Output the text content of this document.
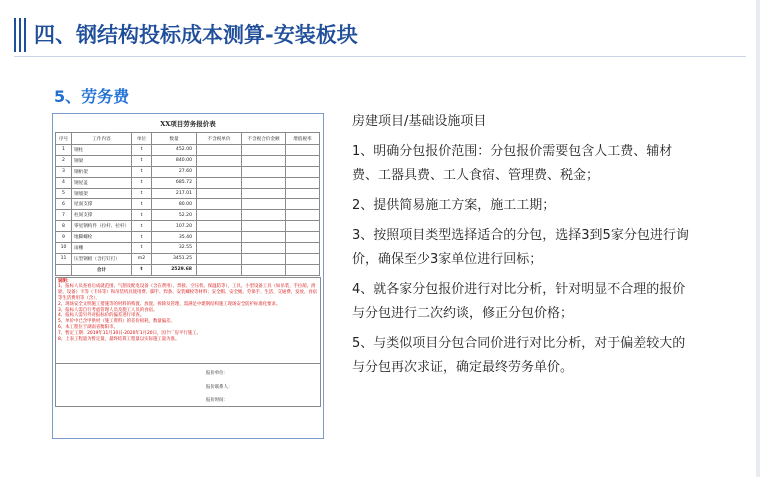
四、钢结构投标成本测算-安装板块
5、劳务费
XX项目劳务报价表
序号	工作内容	单位	数量	不含税单价	不含税合价金额	增值税率
1	钢柱	t	452.00			
2	钢梁	t	840.00			
3	钢桁架	t	27.60			
4	钢屋盖	t	685.72			
5	钢墙架	t	217.01			
6	屋面支撑	t	80.00			
7	柱间支撑	t	52.20			
8	零星钢构件（拉杆、拉杆）	t	107.20			
9	地脚螺栓	t	35.40			
10	雨棚	t	32.55			
11	压型钢板（含打钉打）	m2	3451.25			
	合计	t	2529.68			
说明：
1、报标人员查看后成就范围、气割及配电设备（含在费用）、焊接、空压机、保温防等），工具，小型设备工具（如吊装、手拉葫、滑轮、设备）卡等（卡环等）和吊装机具使用费、脚手、焊条、安装螺栓等材料；安全帽、安全绳、劳保手、生活、交通费、发放、食宿等生活费用等（含），
2、现场安全文明施工措施等的材料的购置、放置、拆除及管理，需满足中建钢结构施工现场安全防护标准化要求。
3、报标人需自行考虑管理人员及施工人员的食宿。
4、报标人需另外对报标价的偏差进行审查。
5、单价中已含甲供材（施工资料）的差价损耗，数量偏差。
6、本工程位于湖南省衡阳市。
7、暂定工期：2019年11月30日-2020年1月20日，因个厂房平行施工。
8、上表工程量为暂定量，最终结算工程量以实际施工量为准。
报价单位：
报价联系人：
报价时间：

房建项目/基础设施项目

1、明确分包报价范围：分包报价需要包含人工费、辅材费、工器具费、工人食宿、管理费、税金；

2、提供简易施工方案，施工工期；

3、按照项目类型选择适合的分包，选择3到5家分包进行询价，确保至少3家单位进行回标；

4、就各家分包报价进行对比分析，针对明显不合理的报价与分包进行二次约谈，修正分包价格；

5、与类似项目分包合同价进行对比分析，对于偏差较大的与分包再次求证，确定最终劳务单价。
